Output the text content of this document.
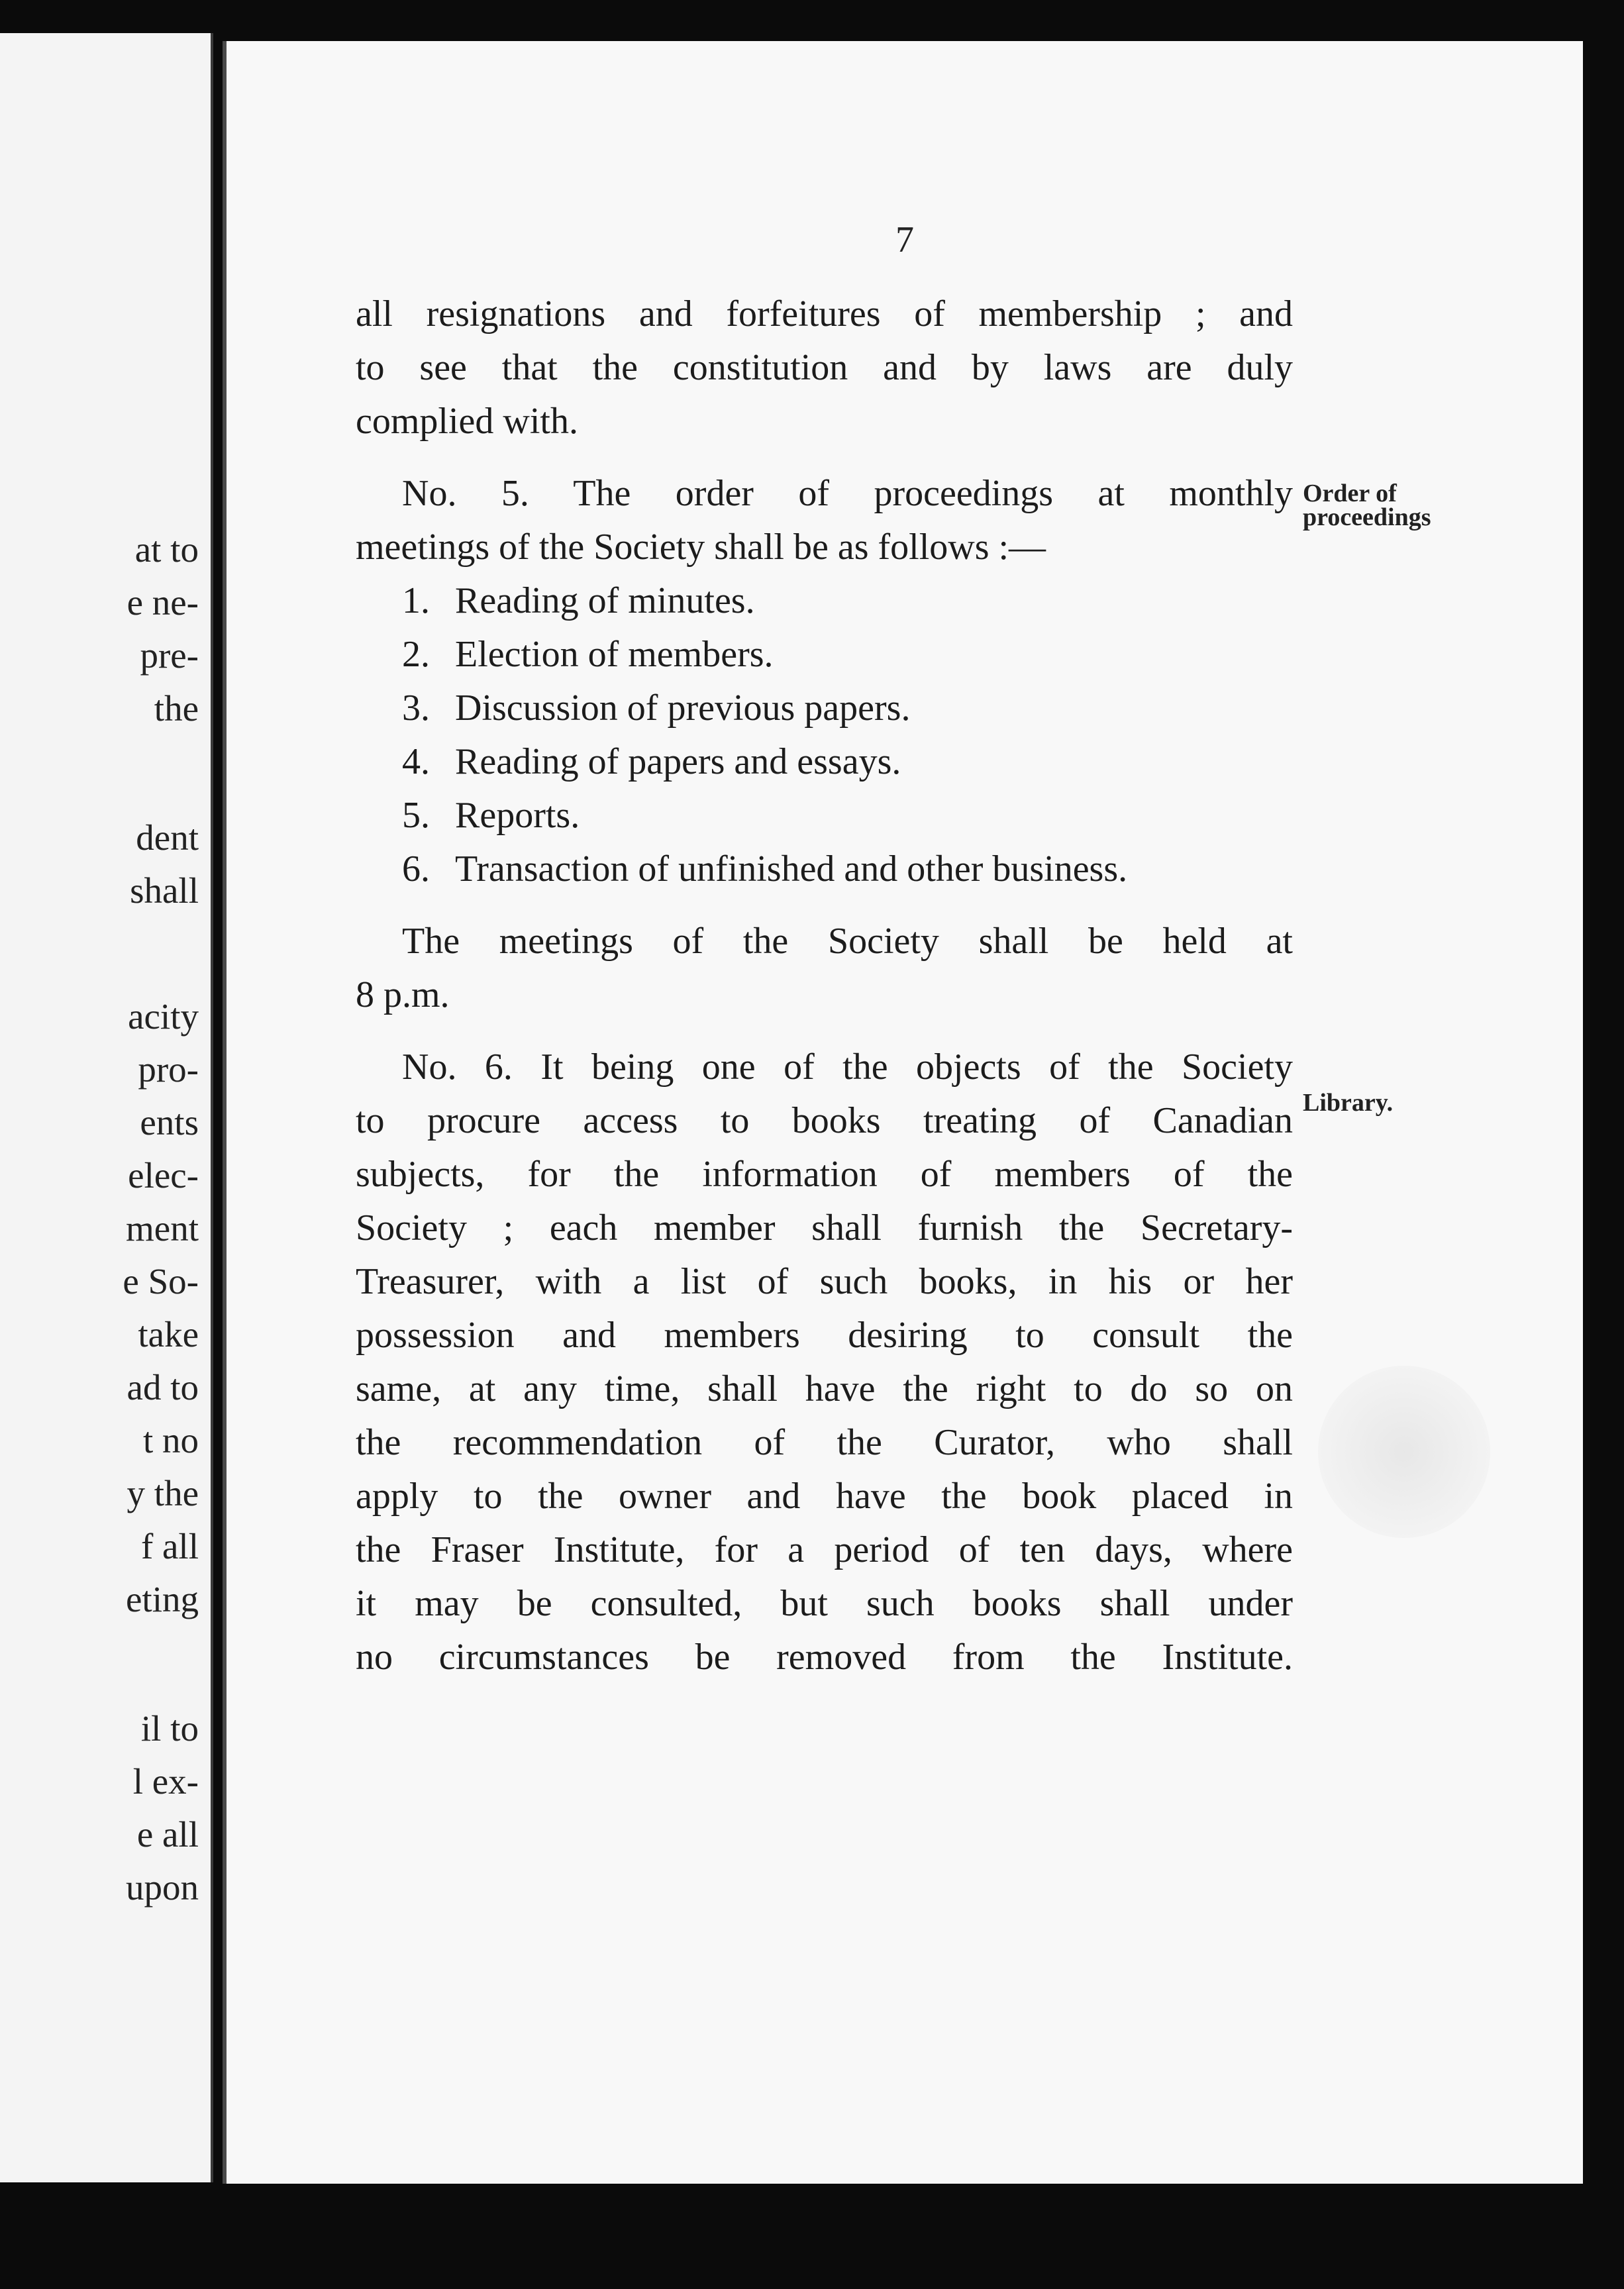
at to
e ne-
pre-
the
dent
shall
acity
pro-
ents
elec-
ment
e So-
take
ad to
t no
y the
f all
eting
il to
l ex-
e all
upon
7
all resignations and forfeitures of membership ; and
to see that the constitution and by laws are duly
complied with.
No. 5. The order of proceedings at monthly
meetings of the Society shall be as follows :—
1. Reading of minutes.
2. Election of members.
3. Discussion of previous papers.
4. Reading of papers and essays.
5. Reports.
6. Transaction of unfinished and other business.
The meetings of the Society shall be held at
8 p.m.
No. 6. It being one of the objects of the Society
to procure access to books treating of Canadian
subjects, for the information of members of the
Society ; each member shall furnish the Secretary-
Treasurer, with a list of such books, in his or her
possession and members desiring to consult the
same, at any time, shall have the right to do so on
the recommendation of the Curator, who shall
apply to the owner and have the book placed in
the Fraser Institute, for a period of ten days, where
it may be consulted, but such books shall under
no circumstances be removed from the Institute.
Order of
proceedings
Library.
